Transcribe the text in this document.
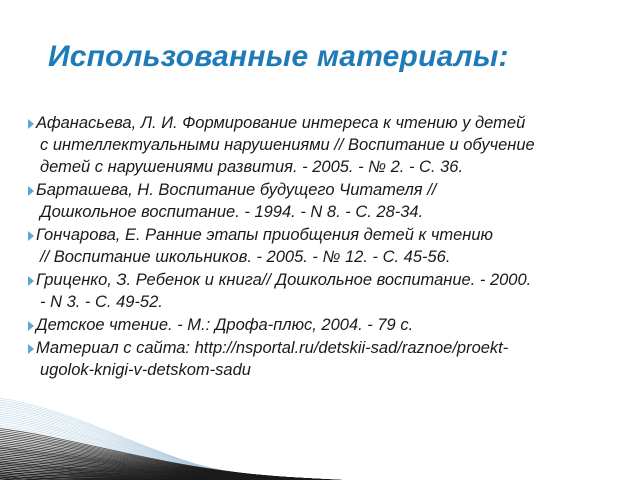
Использованные материалы:
Афанасьева, Л. И. Формирование интереса к чтению у детей
с интеллектуальными нарушениями // Воспитание и обучение
детей с нарушениями развития. - 2005. - № 2. - С. 36.
Барташева, Н. Воспитание будущего Читателя //
Дошкольное воспитание. - 1994. - N 8. - С. 28-34.
Гончарова, Е. Ранние этапы приобщения детей к чтению
// Воспитание школьников. - 2005. - № 12. - С. 45-56.
Гриценко, З. Ребенок и книга// Дошкольное воспитание. - 2000.
- N 3. - С. 49-52.
Детское чтение. - М.: Дрофа-плюс, 2004. - 79 с.
Материал с сайта: http://nsportal.ru/detskii-sad/raznoe/proekt-
ugolok-knigi-v-detskom-sadu
